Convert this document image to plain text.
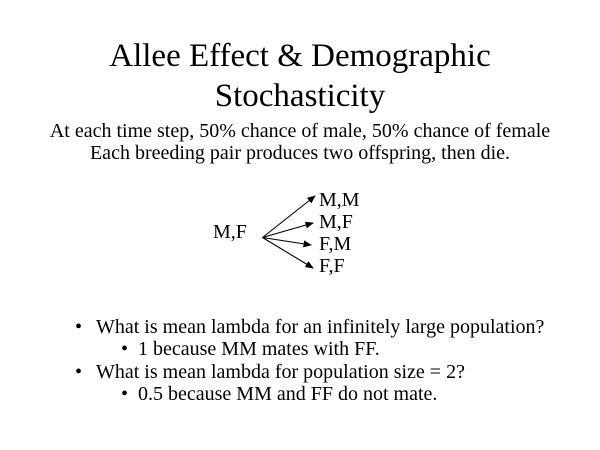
Allee Effect & Demographic Stochasticity
At each time step, 50% chance of male, 50% chance of female
Each breeding pair produces two offspring, then die.
M,F
M,M
M,F
F,M
F,F
• What is mean lambda for an infinitely large population?
• 1 because MM mates with FF.
• What is mean lambda for population size = 2?
• 0.5 because MM and FF do not mate.
